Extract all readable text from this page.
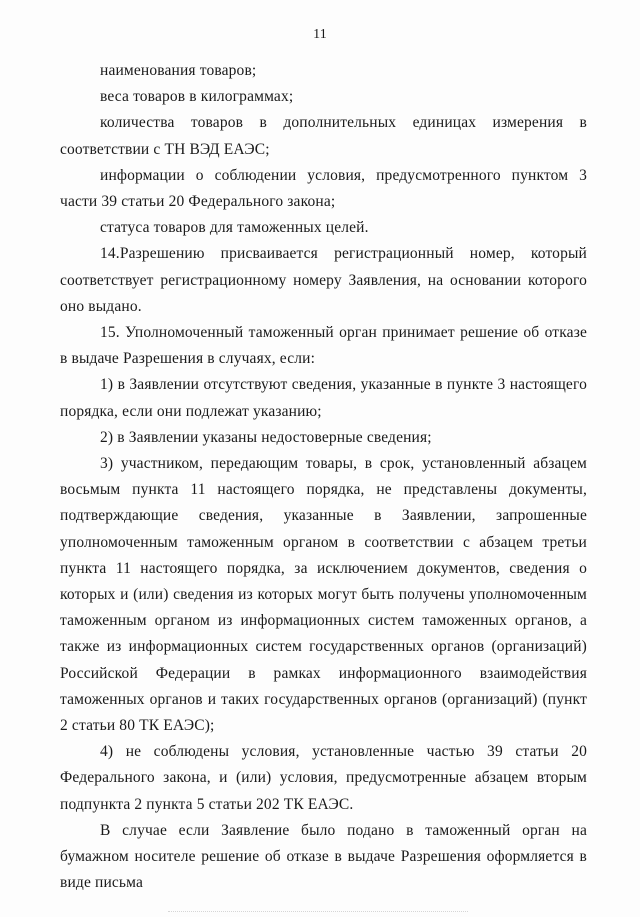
11

наименования товаров;

веса товаров в килограммах;

количества товаров в дополнительных единицах измерения в соответствии с ТН ВЭД ЕАЭС;

информации о соблюдении условия, предусмотренного пунктом 3 части 39 статьи 20 Федерального закона;

статуса товаров для таможенных целей.

14.Разрешению присваивается регистрационный номер, который соответствует регистрационному номеру Заявления, на основании которого оно выдано.

15. Уполномоченный таможенный орган принимает решение об отказе в выдаче Разрешения в случаях, если:

1) в Заявлении отсутствуют сведения, указанные в пункте 3 настоящего порядка, если они подлежат указанию;

2) в Заявлении указаны недостоверные сведения;

3) участником, передающим товары, в срок, установленный абзацем восьмым пункта 11 настоящего порядка, не представлены документы, подтверждающие сведения, указанные в Заявлении, запрошенные уполномоченным таможенным органом в соответствии с абзацем третьи пункта 11 настоящего порядка, за исключением документов, сведения о которых и (или) сведения из которых могут быть получены уполномоченным таможенным органом из информационных систем таможенных органов, а также из информационных систем государственных органов (организаций) Российской Федерации в рамках информационного взаимодействия таможенных органов и таких государственных органов (организаций) (пункт 2 статьи 80 ТК ЕАЭС);

4) не соблюдены условия, установленные частью 39 статьи 20 Федерального закона, и (или) условия, предусмотренные абзацем вторым подпункта 2 пункта 5 статьи 202 ТК ЕАЭС.

В случае если Заявление было подано в таможенный орган на бумажном носителе решение об отказе в выдаче Разрешения оформляется в виде письма
